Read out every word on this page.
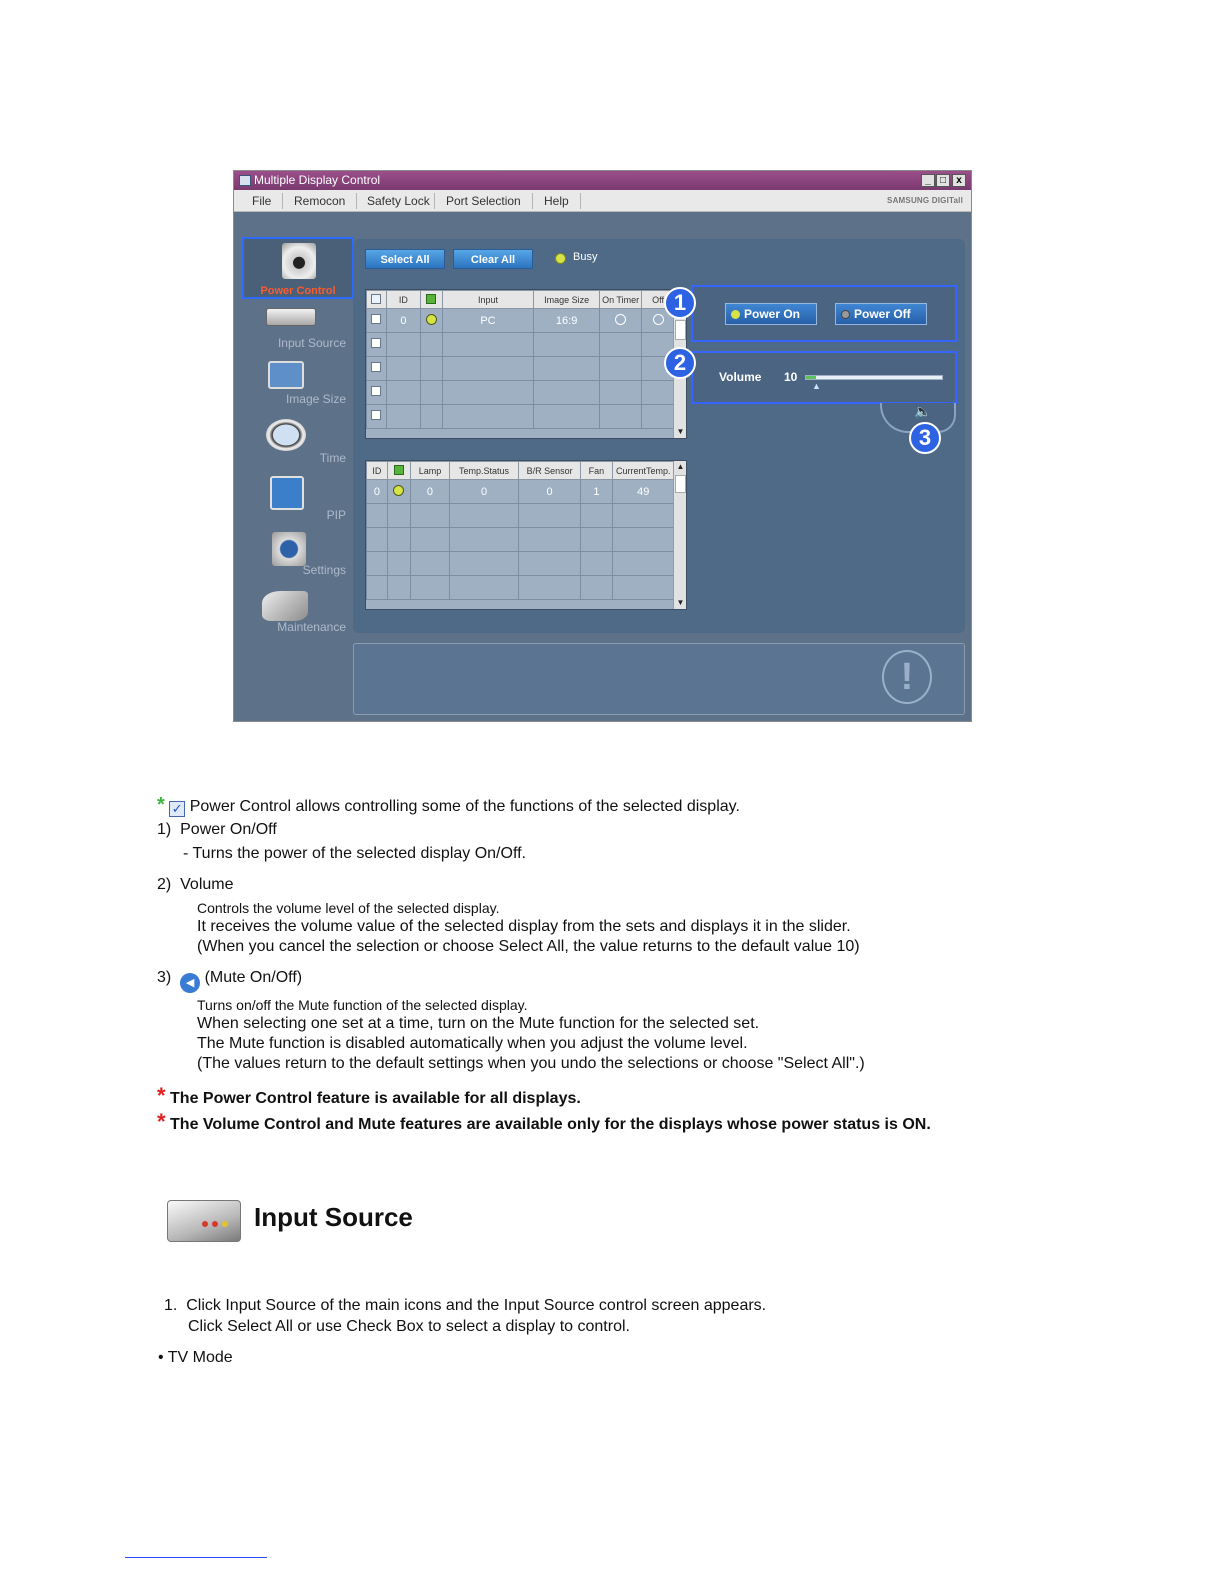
Multiple Display Control	_ □	x
File Remocon Safety Lock Port Selection Help	SAMSUNG DIGITall
Power Control
Input Source
Image Size
Time
PIP
Settings
Maintenance
Select All	Clear All	Busy
	ID		Input	Image Size	On Timer	Off
	0		PC	16:9		

▼
ID		Lamp	Temp.Status	B/R Sensor	Fan	CurrentTemp.
0		0	0	0	1	49

▲
▼
Power On	Power Off
Volume 10
▲
🔈
1
2
3
!
* ✓ Power Control allows controlling some of the functions of the selected display.
1) Power On/Off
- Turns the power of the selected display On/Off.
2) Volume
Controls the volume level of the selected display.
It receives the volume value of the selected display from the sets and displays it in the slider.
(When you cancel the selection or choose Select All, the value returns to the default value 10)
3) ◀ (Mute On/Off)
Turns on/off the Mute function of the selected display.
When selecting one set at a time, turn on the Mute function for the selected set.
The Mute function is disabled automatically when you adjust the volume level.
(The values return to the default settings when you undo the selections or choose "Select All".)
* The Power Control feature is available for all displays.
* The Volume Control and Mute features are available only for the displays whose power status is ON.
Input Source
1. Click Input Source of the main icons and the Input Source control screen appears.
Click Select All or use Check Box to select a display to control.
• TV Mode
